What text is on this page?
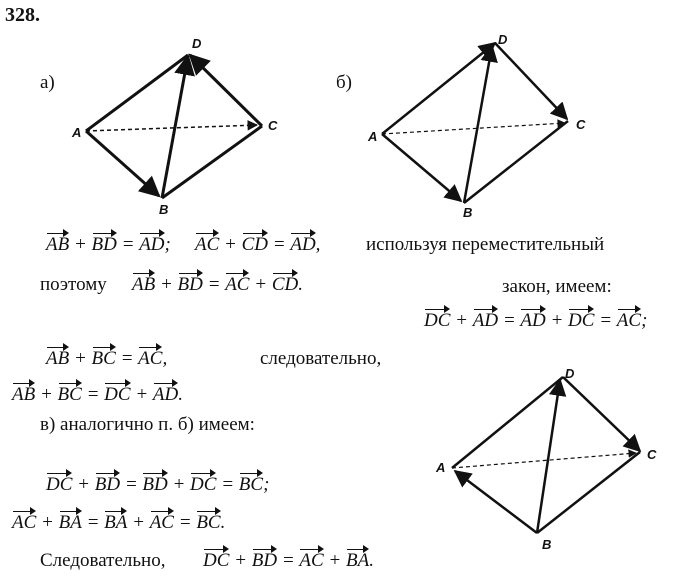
328.
а)
A
B
C
D
б)
A
B
C
D
A
B
C
D
AB + BD = AD; AC + CD = AD, используя переместительный
поэтому AB + BD = AC + CD.	закон, имеем:
DC + AD = AD + DC = AC;
AB + BC = AC,	следовательно,
AB + BC = DC + AD.
в) аналогично п. б) имеем:
DC + BD = BD + DC = BC;
AC + BA = BA + AC = BC.
Следовательно, DC + BD = AC + BA.
